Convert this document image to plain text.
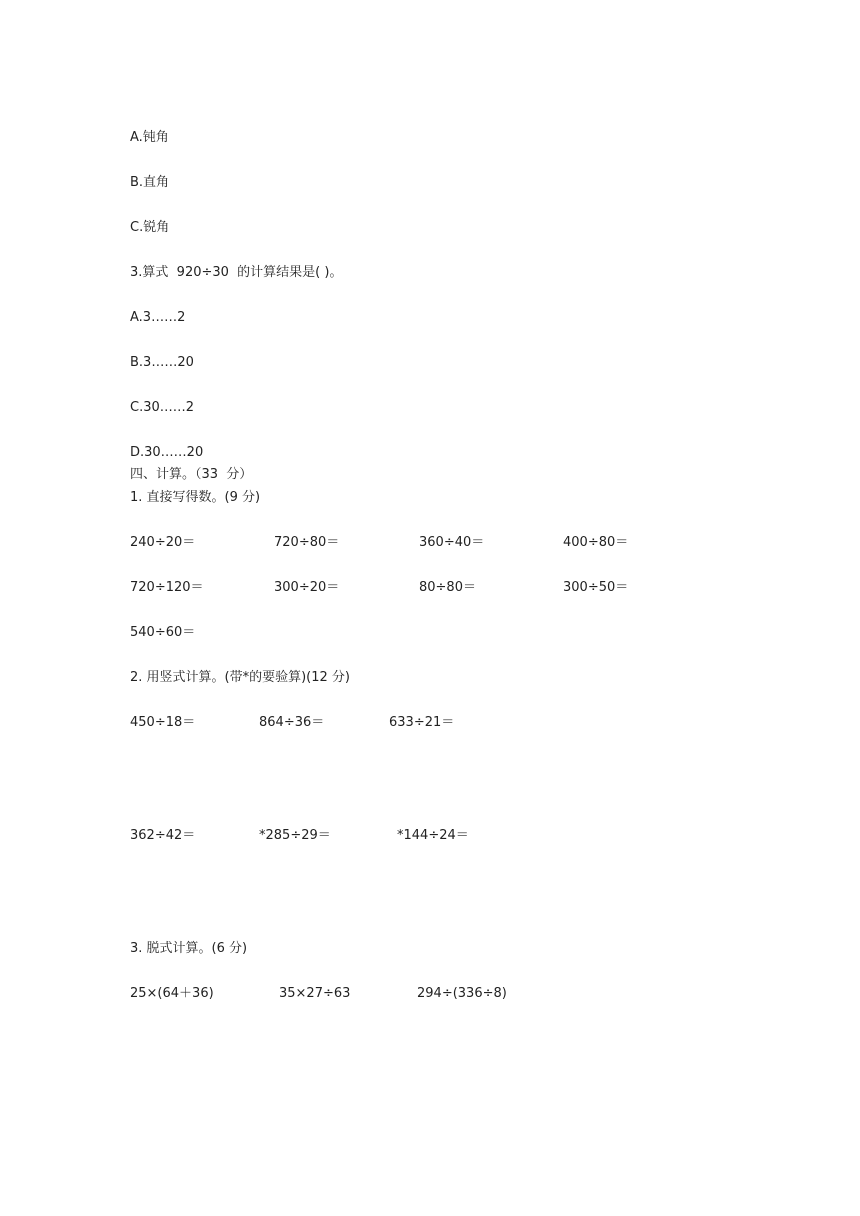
A.钝角
B.直角
C.锐角
3.算式  920÷30  的计算结果是( )。
A.3……2
B.3……20
C.30……2
D.30……20
四、计算。（33  分）
1. 直接写得数。(9 分)
240÷20＝	720÷80＝	360÷40＝	400÷80＝
720÷120＝	300÷20＝	80÷80＝	300÷50＝
540÷60＝
2. 用竖式计算。(带*的要验算)(12 分)
450÷18＝	864÷36＝	633÷21＝
362÷42＝	*285÷29＝	*144÷24＝
3. 脱式计算。(6 分)
25×(64＋36)	35×27÷63	294÷(336÷8)
